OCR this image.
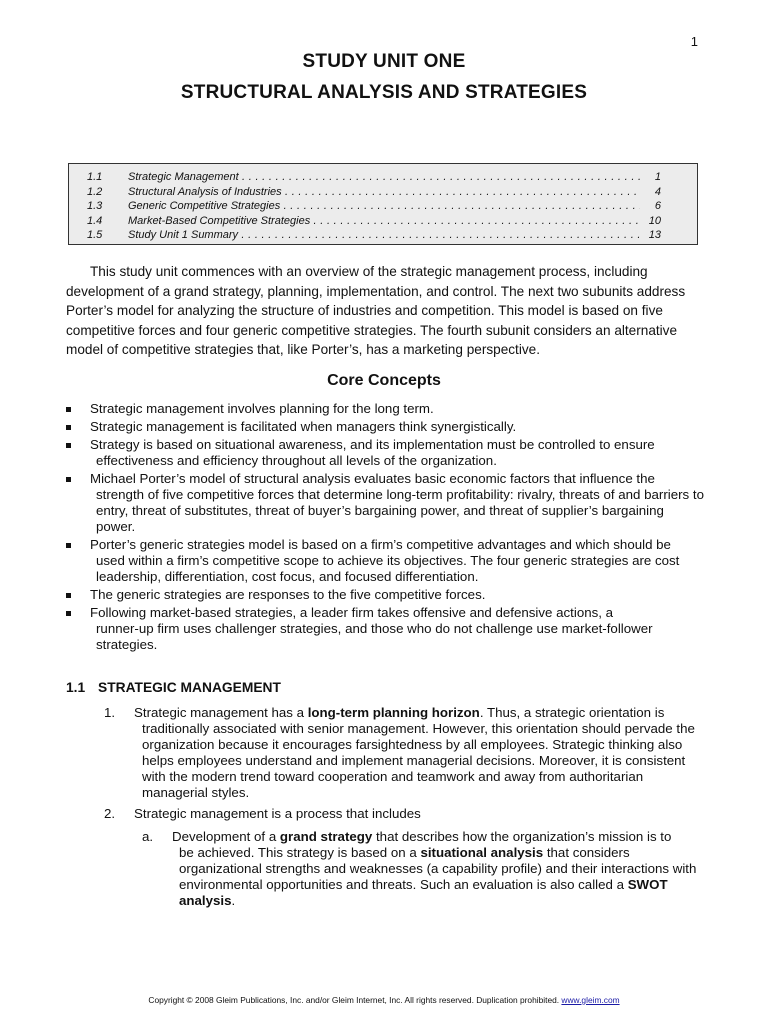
1
STUDY UNIT ONE
STRUCTURAL ANALYSIS AND STRATEGIES
1.1 Strategic Management . . .	1
1.2 Structural Analysis of Industries . . .	4
1.3 Generic Competitive Strategies . . .	6
1.4 Market-Based Competitive Strategies . . .	10
1.5 Study Unit 1 Summary . . .	13
This study unit commences with an overview of the strategic management process, including development of a grand strategy, planning, implementation, and control. The next two subunits address Porter’s model for analyzing the structure of industries and competition. This model is based on five competitive forces and four generic competitive strategies. The fourth subunit considers an alternative model of competitive strategies that, like Porter’s, has a marketing perspective.
Core Concepts
Strategic management involves planning for the long term.
Strategic management is facilitated when managers think synergistically.
Strategy is based on situational awareness, and its implementation must be controlled to ensure
effectiveness and efficiency throughout all levels of the organization.
Michael Porter’s model of structural analysis evaluates basic economic factors that influence the
strength of five competitive forces that determine long-term profitability: rivalry, threats of and barriers to entry, threat of substitutes, threat of buyer’s bargaining power, and threat of supplier’s bargaining power.
Porter’s generic strategies model is based on a firm’s competitive advantages and which should be
used within a firm’s competitive scope to achieve its objectives. The four generic strategies are cost leadership, differentiation, cost focus, and focused differentiation.
The generic strategies are responses to the five competitive forces.
Following market-based strategies, a leader firm takes offensive and defensive actions, a
runner-up firm uses challenger strategies, and those who do not challenge use market-follower strategies.
1.1 STRATEGIC MANAGEMENT
1.	Strategic management has a long-term planning horizon. Thus, a strategic orientation is
traditionally associated with senior management. However, this orientation should pervade the organization because it encourages farsightedness by all employees. Strategic thinking also helps employees understand and implement managerial decisions. Moreover, it is consistent with the modern trend toward cooperation and teamwork and away from authoritarian managerial styles.
2.	Strategic management is a process that includes
a.	Development of a grand strategy that describes how the organization’s mission is to
be achieved. This strategy is based on a situational analysis that considers organizational strengths and weaknesses (a capability profile) and their interactions with environmental opportunities and threats. Such an evaluation is also called a SWOT analysis.
Copyright © 2008 Gleim Publications, Inc. and/or Gleim Internet, Inc. All rights reserved. Duplication prohibited. www.gleim.com
